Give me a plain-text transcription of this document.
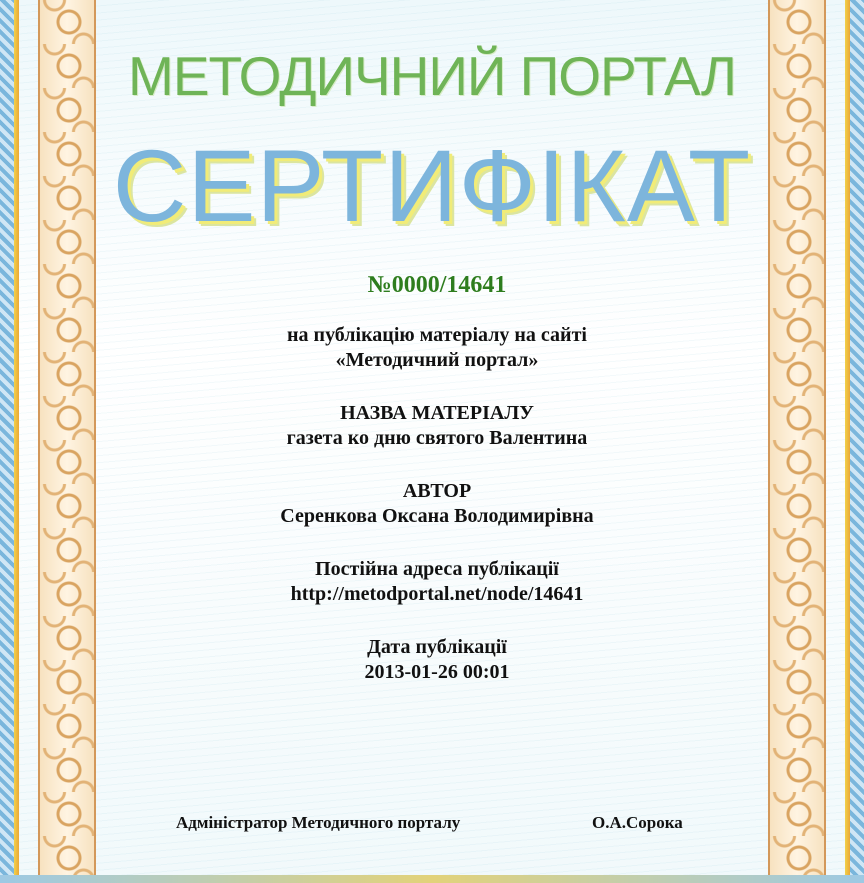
МЕТОДИЧНИЙ ПОРТАЛ
СЕРТИФІКАТ
№0000/14641
на публікацію матеріалу на сайті
«Методичний портал»
НАЗВА МАТЕРІАЛУ
газета ко дню святого Валентина
АВТОР
Серенкова Оксана Володимирівна
Постійна адреса публікації
http://metodportal.net/node/14641
Дата публікації
2013-01-26 00:01
Адміністратор Методичного порталу	О.А.Сорока
